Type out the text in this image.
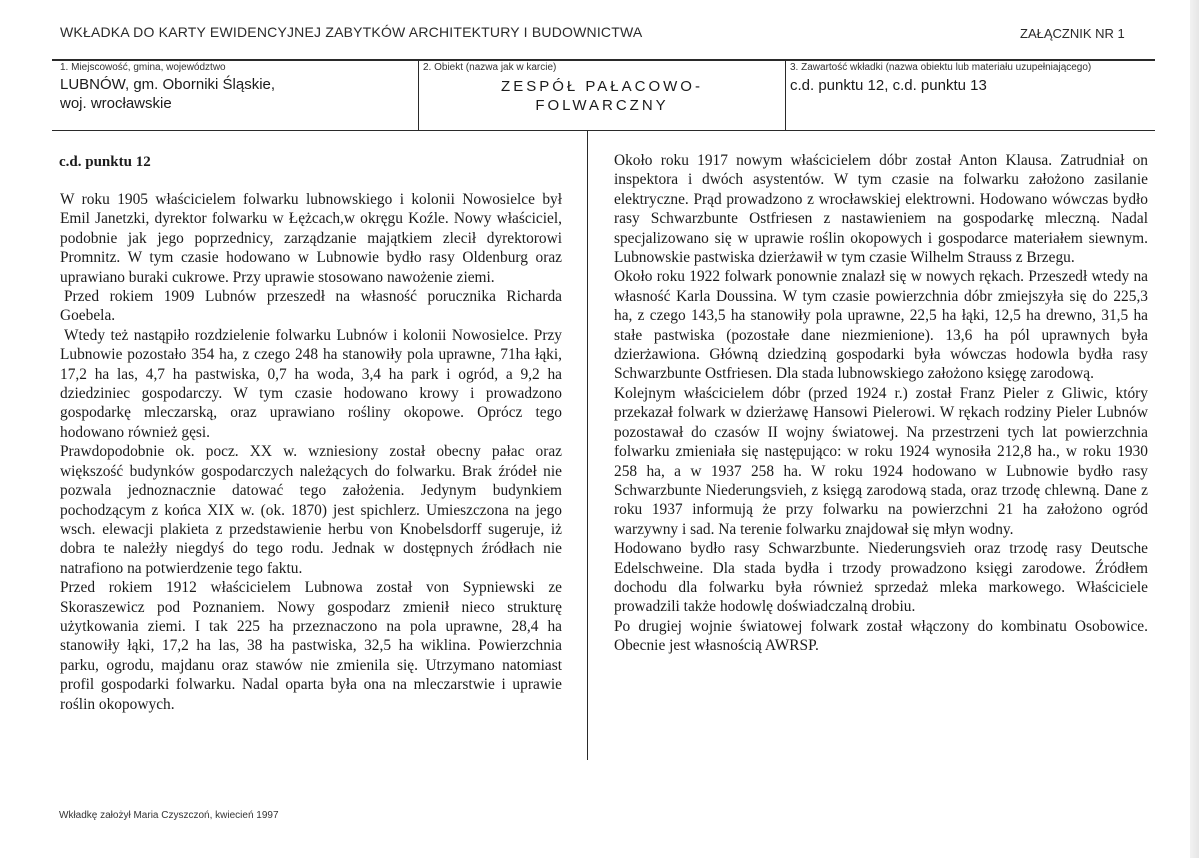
WKŁADKA DO KARTY EWIDENCYJNEJ ZABYTKÓW ARCHITEKTURY I BUDOWNICTWA	ZAŁĄCZNIK NR 1
1. Miejscowość, gmina, województwo
LUBNÓW, gm. Oborniki Śląskie,
woj. wrocławskie
2. Obiekt (nazwa jak w karcie)
ZESPÓŁ PAŁACOWO-
FOLWARCZNY
3. Zawartość wkładki (nazwa obiektu lub materiału uzupełniającego)
c.d. punktu 12, c.d. punktu 13
c.d. punktu 12

W roku 1905 właścicielem folwarku lubnowskiego i kolonii Nowosielce był Emil Janetzki, dyrektor folwarku w Łężcach,w okręgu Koźle. Nowy właściciel, podobnie jak jego poprzednicy, zarządzanie majątkiem zlecił dyrektorowi Promnitz. W tym czasie hodowano w Lubnowie bydło rasy Oldenburg oraz uprawiano buraki cukrowe. Przy uprawie stosowano nawożenie ziemi.

Przed rokiem 1909 Lubnów przeszedł na własność porucznika Richarda Goebela.

Wtedy też nastąpiło rozdzielenie folwarku Lubnów i kolonii Nowosielce. Przy Lubnowie pozostało 354 ha, z czego 248 ha stanowiły pola uprawne, 71ha łąki, 17,2 ha las, 4,7 ha pastwiska, 0,7 ha woda, 3,4 ha park i ogród, a 9,2 ha dziedziniec gospodarczy. W tym czasie hodowano krowy i prowadzono gospodarkę mleczarską, oraz uprawiano rośliny okopowe. Oprócz tego hodowano również gęsi.

Prawdopodobnie ok. pocz. XX w. wzniesiony został obecny pałac oraz większość budynków gospodarczych należących do folwarku. Brak źródeł nie pozwala jednoznacznie datować tego założenia. Jedynym budynkiem pochodzącym z końca XIX w. (ok. 1870) jest spichlerz. Umieszczona na jego wsch. elewacji plakieta z przedstawienie herbu von Knobelsdorff sugeruje, iż dobra te należły niegdyś do tego rodu. Jednak w dostępnych źródłach nie natrafiono na potwierdzenie tego faktu.

Przed rokiem 1912 właścicielem Lubnowa został von Sypniewski ze Skoraszewicz pod Poznaniem. Nowy gospodarz zmienił nieco strukturę użytkowania ziemi. I tak 225 ha przeznaczono na pola uprawne, 28,4 ha stanowiły łąki, 17,2 ha las, 38 ha pastwiska, 32,5 ha wiklina. Powierzchnia parku, ogrodu, majdanu oraz stawów nie zmienila się. Utrzymano natomiast profil gospodarki folwarku. Nadal oparta była ona na mleczarstwie i uprawie roślin okopowych.

Około roku 1917 nowym właścicielem dóbr został Anton Klausa. Zatrudniał on inspektora i dwóch asystentów. W tym czasie na folwarku założono zasilanie elektryczne. Prąd prowadzono z wrocławskiej elektrowni. Hodowano wówczas bydło rasy Schwarzbunte Ostfriesen z nastawieniem na gospodarkę mleczną. Nadal specjalizowano się w uprawie roślin okopowych i gospodarce materiałem siewnym. Lubnowskie pastwiska dzierżawił w tym czasie Wilhelm Strauss z Brzegu.

Około roku 1922 folwark ponownie znalazł się w nowych rękach. Przeszedł wtedy na własność Karla Doussina. W tym czasie powierzchnia dóbr zmiejszyła się do 225,3 ha, z czego 143,5 ha stanowiły pola uprawne, 22,5 ha łąki, 12,5 ha drewno, 31,5 ha stałe pastwiska (pozostałe dane niezmienione). 13,6 ha pól uprawnych była dzierżawiona. Główną dziedziną gospodarki była wówczas hodowla bydła rasy Schwarzbunte Ostfriesen. Dla stada lubnowskiego założono księgę zarodową.

Kolejnym właścicielem dóbr (przed 1924 r.) został Franz Pieler z Gliwic, który przekazał folwark w dzierżawę Hansowi Pielerowi. W rękach rodziny Pieler Lubnów pozostawał do czasów II wojny światowej. Na przestrzeni tych lat powierzchnia folwarku zmieniała się następująco: w roku 1924 wynosiła 212,8 ha., w roku 1930 258 ha, a w 1937 258 ha. W roku 1924 hodowano w Lubnowie bydło rasy Schwarzbunte Niederungsvieh, z księgą zarodową stada, oraz trzodę chlewną. Dane z roku 1937 informują że przy folwarku na powierzchni 21 ha założono ogród warzywny i sad. Na terenie folwarku znajdował się młyn wodny.

Hodowano bydło rasy Schwarzbunte. Niederungsvieh oraz trzodę rasy Deutsche Edelschweine. Dla stada bydła i trzody prowadzono księgi zarodowe. Źródłem dochodu dla folwarku była również sprzedaż mleka markowego. Właściciele prowadzili także hodowlę doświadczalną drobiu.

Po drugiej wojnie światowej folwark został włączony do kombinatu Osobowice. Obecnie jest własnością AWRSP.

Wkładkę założył Maria Czyszczoń, kwiecień 1997
